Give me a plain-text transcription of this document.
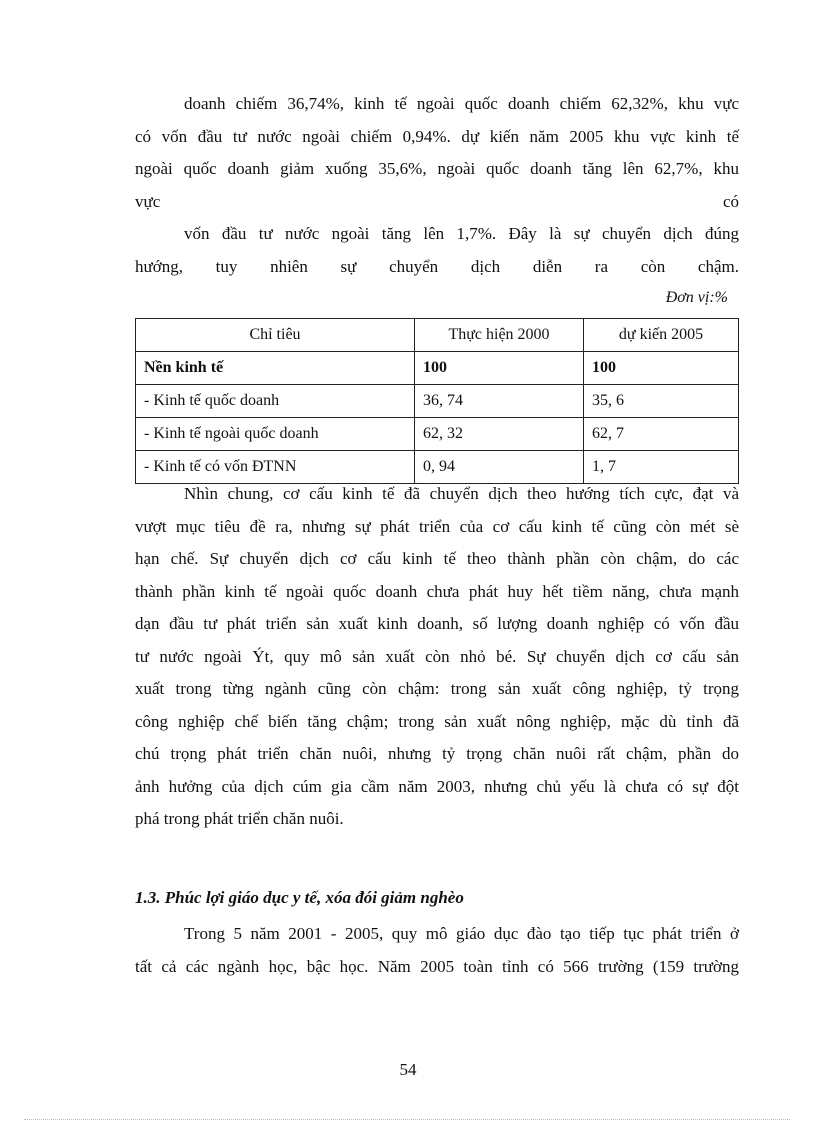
doanh chiếm 36,74%, kinh tế ngoài quốc doanh chiếm 62,32%, khu vực
có vốn đầu tư nước ngoài chiếm 0,94%. dự kiến năm 2005 khu vực kinh tế
ngoài quốc doanh giảm xuống 35,6%, ngoài quốc doanh tăng lên 62,7%, khu
vực có
vốn đầu tư nước ngoài tăng lên 1,7%. Đây là sự chuyển dịch đúng
hướng, tuy nhiên sự chuyển dịch diễn ra còn chậm.
Đơn vị:%
Chỉ tiêu	Thực hiện 2000	dự kiến 2005
Nền kinh tế	100	100
- Kinh tế quốc doanh	36, 74	35, 6
- Kinh tế ngoài quốc doanh	62, 32	62, 7
- Kinh tế có vốn ĐTNN	0, 94	1, 7
Nhìn chung, cơ cấu kinh tế đã chuyển dịch theo hướng tích cực, đạt và
vượt mục tiêu đề ra, nhưng sự phát triển của cơ cấu kinh tế cũng còn mét sè
hạn chế. Sự chuyển dịch cơ cấu kinh tế theo thành phần còn chậm, do các
thành phần kinh tế ngoài quốc doanh chưa phát huy hết tiềm năng, chưa mạnh
dạn đầu tư phát triển sản xuất kinh doanh, số lượng doanh nghiệp có vốn đầu
tư nước ngoài Ýt, quy mô sản xuất còn nhỏ bé. Sự chuyển dịch cơ cấu sản
xuất trong từng ngành cũng còn chậm: trong sản xuất công nghiệp, tỷ trọng
công nghiệp chế biến tăng chậm; trong sản xuất nông nghiệp, mặc dù tỉnh đã
chú trọng phát triển chăn nuôi, nhưng tỷ trọng chăn nuôi rất chậm, phần do
ảnh hưởng của dịch cúm gia cầm năm 2003, nhưng chủ yếu là chưa có sự đột
phá trong phát triển chăn nuôi.
1.3. Phúc lợi giáo dục y tế, xóa đói giảm nghèo
Trong 5 năm 2001 - 2005, quy mô giáo dục đào tạo tiếp tục phát triển ở
tất cả các ngành học, bậc học. Năm 2005 toàn tỉnh có 566 trường (159 trường
54
